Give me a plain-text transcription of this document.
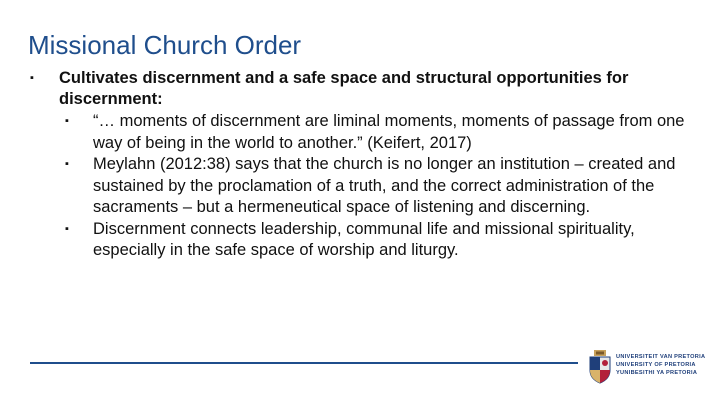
Missional Church Order
▪ Cultivates discernment and a safe space and structural opportunities for discernment:
▪ “… moments of discernment are liminal moments, moments of passage from one way of being in the world to another.” (Keifert, 2017)
▪ Meylahn (2012:38) says that the church is no longer an institution – created and sustained by the proclamation of a truth, and the correct administration of the sacraments – but a hermeneutical space of listening and discerning.
▪ Discernment connects leadership, communal life and missional spirituality, especially in the safe space of worship and liturgy.
UNIVERSITEIT VAN PRETORIA
UNIVERSITY OF PRETORIA
YUNIBESITHI YA PRETORIA
